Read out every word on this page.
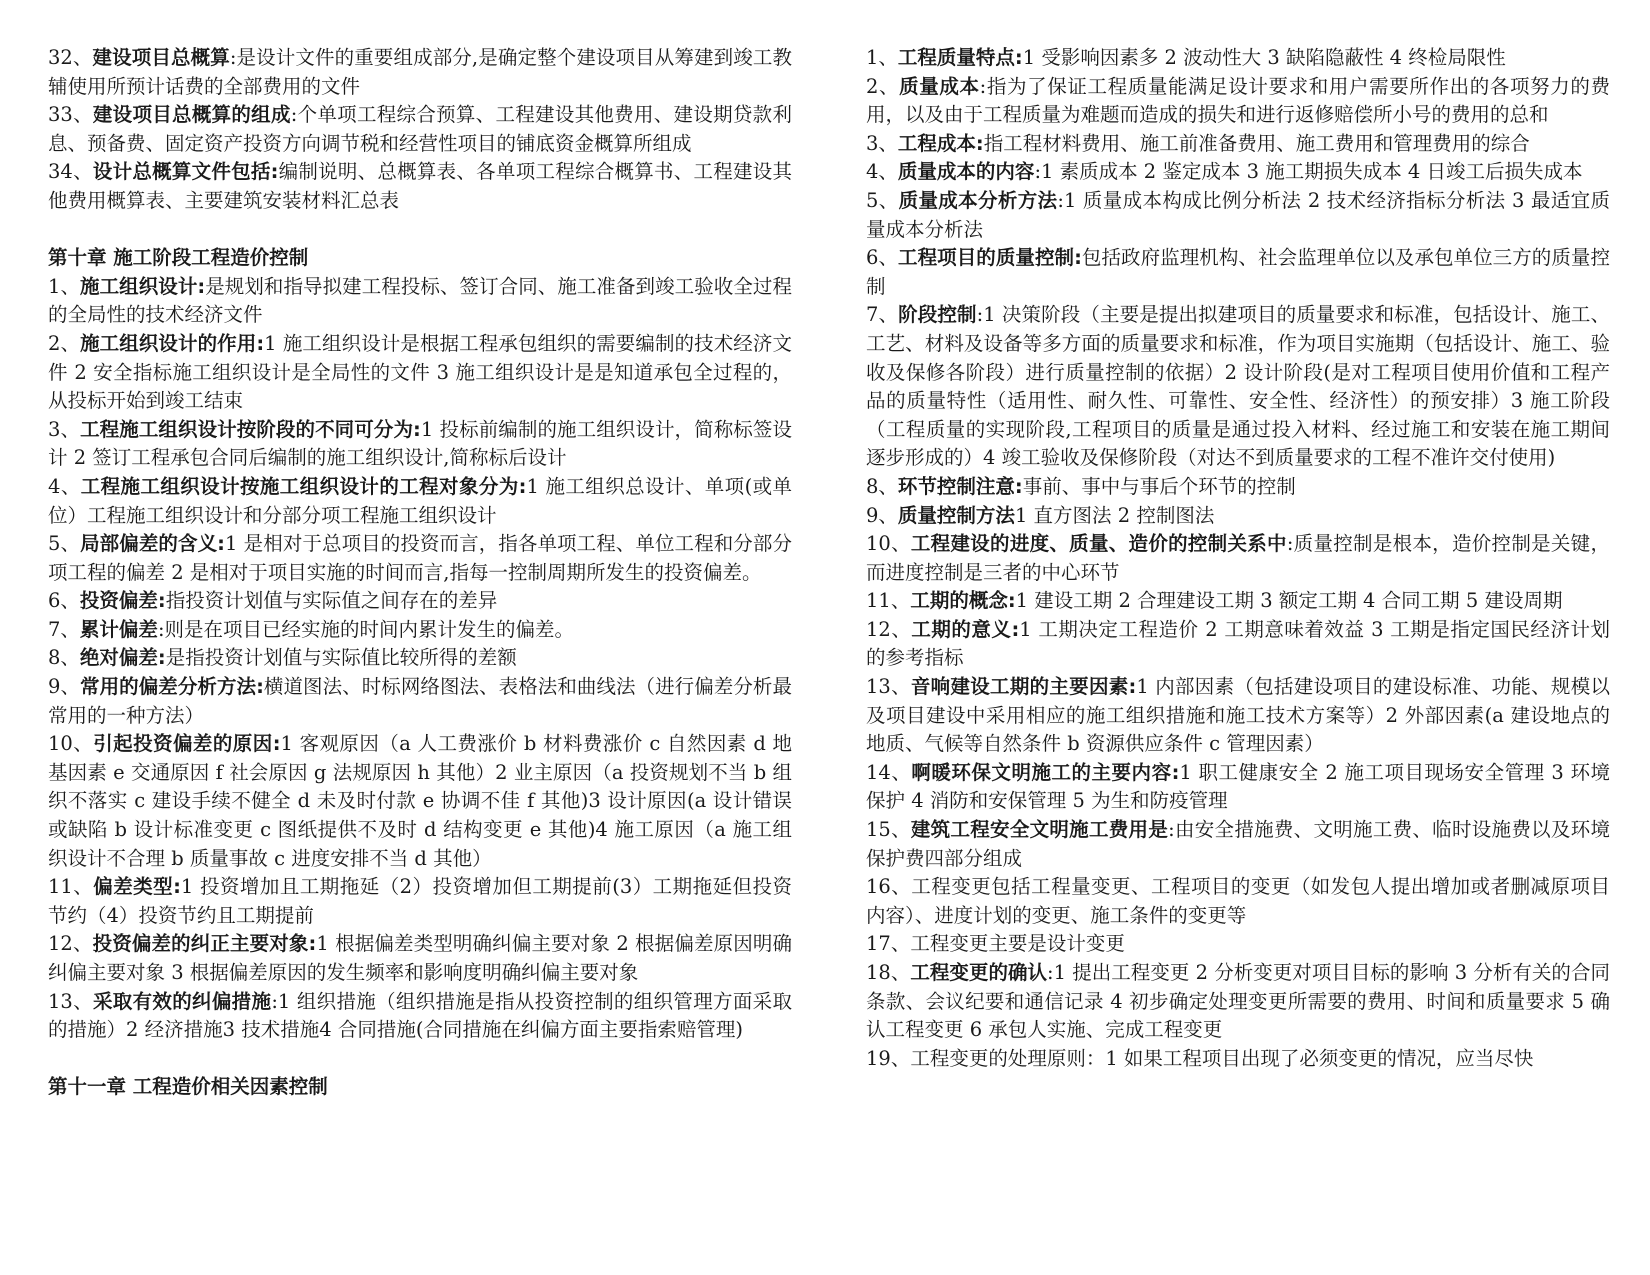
32、建设项目总概算:是设计文件的重要组成部分,是确定整个建设项目从筹建到竣工教辅使用所预计话费的全部费用的文件

33、建设项目总概算的组成:个单项工程综合预算、工程建设其他费用、建设期贷款利息、预备费、固定资产投资方向调节税和经营性项目的铺底资金概算所组成

34、设计总概算文件包括:编制说明、总概算表、各单项工程综合概算书、工程建设其他费用概算表、主要建筑安装材料汇总表

第十章 施工阶段工程造价控制

1、施工组织设计:是规划和指导拟建工程投标、签订合同、施工准备到竣工验收全过程的全局性的技术经济文件

2、施工组织设计的作用:1 施工组织设计是根据工程承包组织的需要编制的技术经济文件 2 安全指标施工组织设计是全局性的文件 3 施工组织设计是是知道承包全过程的，从投标开始到竣工结束

3、工程施工组织设计按阶段的不同可分为:1 投标前编制的施工组织设计，简称标签设计 2 签订工程承包合同后编制的施工组织设计,简称标后设计

4、工程施工组织设计按施工组织设计的工程对象分为:1 施工组织总设计、单项(或单位）工程施工组织设计和分部分项工程施工组织设计

5、局部偏差的含义:1 是相对于总项目的投资而言，指各单项工程、单位工程和分部分项工程的偏差 2 是相对于项目实施的时间而言,指每一控制周期所发生的投资偏差。

6、投资偏差:指投资计划值与实际值之间存在的差异

7、累计偏差:则是在项目已经实施的时间内累计发生的偏差。

8、绝对偏差:是指投资计划值与实际值比较所得的差额

9、常用的偏差分析方法:横道图法、时标网络图法、表格法和曲线法（进行偏差分析最常用的一种方法）

10、引起投资偏差的原因:1 客观原因（a 人工费涨价 b 材料费涨价 c 自然因素 d 地基因素 e 交通原因 f 社会原因 g 法规原因 h 其他）2 业主原因（a 投资规划不当 b 组织不落实 c 建设手续不健全 d 未及时付款 e 协调不佳 f 其他)3 设计原因(a 设计错误或缺陷 b 设计标准变更 c 图纸提供不及时 d 结构变更 e 其他)4 施工原因（a 施工组织设计不合理 b 质量事故 c 进度安排不当 d 其他）

11、偏差类型:1 投资增加且工期拖延（2）投资增加但工期提前(3）工期拖延但投资节约（4）投资节约且工期提前

12、投资偏差的纠正主要对象:1 根据偏差类型明确纠偏主要对象 2 根据偏差原因明确纠偏主要对象 3 根据偏差原因的发生频率和影响度明确纠偏主要对象

13、采取有效的纠偏措施:1 组织措施（组织措施是指从投资控制的组织管理方面采取的措施）2 经济措施3 技术措施4 合同措施(合同措施在纠偏方面主要指索赔管理)

第十一章 工程造价相关因素控制

1、工程质量特点:1 受影响因素多 2 波动性大 3 缺陷隐蔽性 4 终检局限性

2、质量成本:指为了保证工程质量能满足设计要求和用户需要所作出的各项努力的费用，以及由于工程质量为难题而造成的损失和进行返修赔偿所小号的费用的总和

3、工程成本:指工程材料费用、施工前准备费用、施工费用和管理费用的综合

4、质量成本的内容:1 素质成本 2 鉴定成本 3 施工期损失成本 4 日竣工后损失成本

5、质量成本分析方法:1 质量成本构成比例分析法 2 技术经济指标分析法 3 最适宜质量成本分析法

6、工程项目的质量控制:包括政府监理机构、社会监理单位以及承包单位三方的质量控制

7、阶段控制:1 决策阶段（主要是提出拟建项目的质量要求和标准，包括设计、施工、工艺、材料及设备等多方面的质量要求和标准，作为项目实施期（包括设计、施工、验收及保修各阶段）进行质量控制的依据）2 设计阶段(是对工程项目使用价值和工程产品的质量特性（适用性、耐久性、可靠性、安全性、经济性）的预安排）3 施工阶段（工程质量的实现阶段,工程项目的质量是通过投入材料、经过施工和安装在施工期间逐步形成的）4 竣工验收及保修阶段（对达不到质量要求的工程不准许交付使用)

8、环节控制注意:事前、事中与事后个环节的控制

9、质量控制方法1 直方图法 2 控制图法

10、工程建设的进度、质量、造价的控制关系中:质量控制是根本，造价控制是关键，而进度控制是三者的中心环节

11、工期的概念:1 建设工期 2 合理建设工期 3 额定工期 4 合同工期 5 建设周期

12、工期的意义:1 工期决定工程造价 2 工期意味着效益 3 工期是指定国民经济计划的参考指标

13、音响建设工期的主要因素:1 内部因素（包括建设项目的建设标准、功能、规模以及项目建设中采用相应的施工组织措施和施工技术方案等）2 外部因素(a 建设地点的地质、气候等自然条件 b 资源供应条件 c 管理因素）

14、啊暖环保文明施工的主要内容:1 职工健康安全 2 施工项目现场安全管理 3 环境保护 4 消防和安保管理 5 为生和防疫管理

15、建筑工程安全文明施工费用是:由安全措施费、文明施工费、临时设施费以及环境保护费四部分组成

16、工程变更包括工程量变更、工程项目的变更（如发包人提出增加或者删减原项目内容）、进度计划的变更、施工条件的变更等

17、工程变更主要是设计变更

18、工程变更的确认:1 提出工程变更 2 分析变更对项目目标的影响 3 分析有关的合同条款、会议纪要和通信记录 4 初步确定处理变更所需要的费用、时间和质量要求 5 确认工程变更 6 承包人实施、完成工程变更

19、工程变更的处理原则：1 如果工程项目出现了必须变更的情况，应当尽快
